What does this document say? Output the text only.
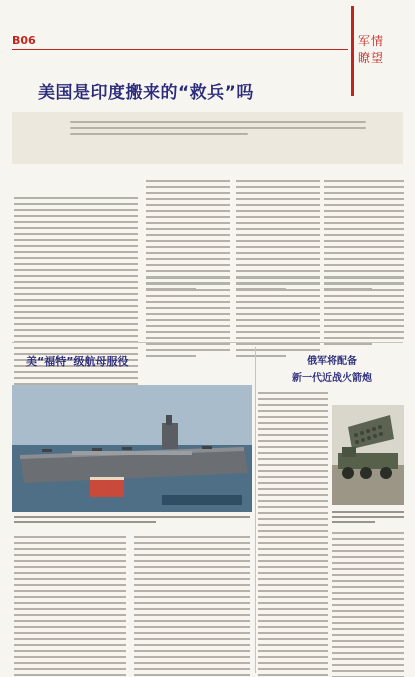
B06	军情
瞭望
美国是印度搬来的“救兵”吗
美“福特”级航母服役	俄军将配备
新一代近战火箭炮
